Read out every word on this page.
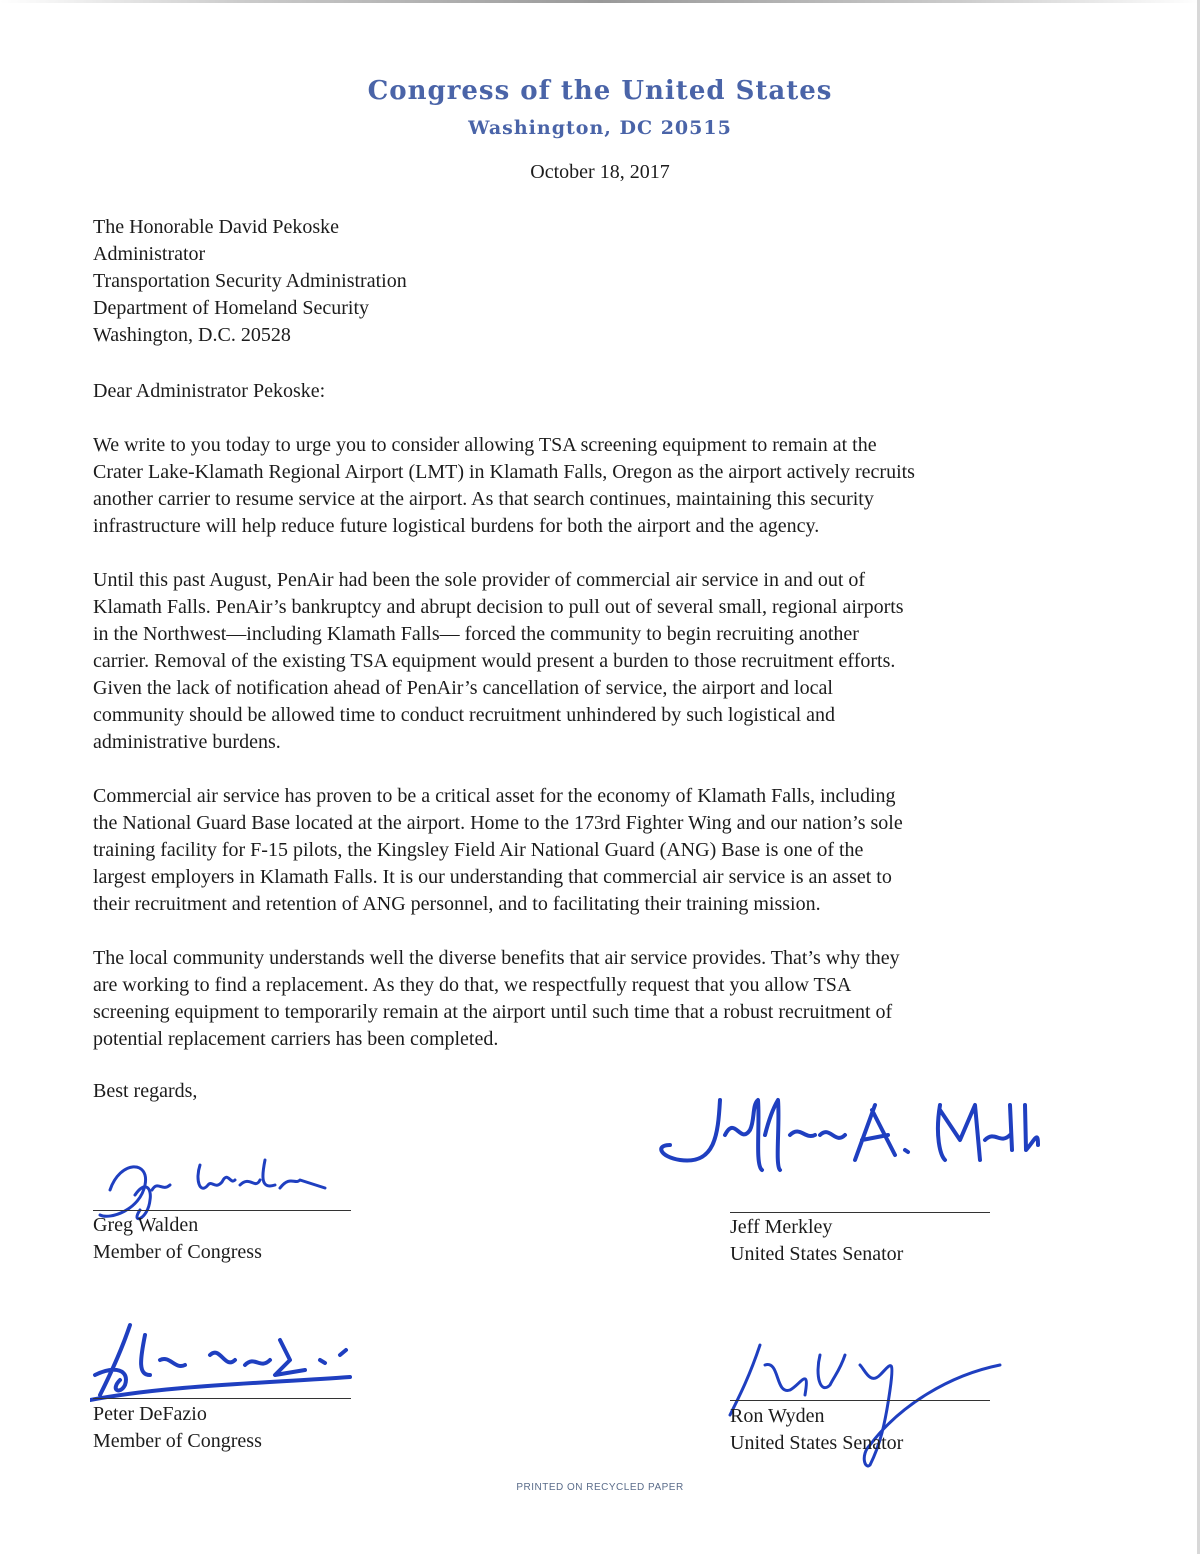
Congress of the United States
Washington, DC 20515
October 18, 2017
The Honorable David Pekoske
Administrator
Transportation Security Administration
Department of Homeland Security
Washington, D.C. 20528
Dear Administrator Pekoske:
We write to you today to urge you to consider allowing TSA screening equipment to remain at the
Crater Lake-Klamath Regional Airport (LMT) in Klamath Falls, Oregon as the airport actively recruits
another carrier to resume service at the airport. As that search continues, maintaining this security
infrastructure will help reduce future logistical burdens for both the airport and the agency.
Until this past August, PenAir had been the sole provider of commercial air service in and out of
Klamath Falls. PenAir’s bankruptcy and abrupt decision to pull out of several small, regional airports
in the Northwest—including Klamath Falls— forced the community to begin recruiting another
carrier. Removal of the existing TSA equipment would present a burden to those recruitment efforts.
Given the lack of notification ahead of PenAir’s cancellation of service, the airport and local
community should be allowed time to conduct recruitment unhindered by such logistical and
administrative burdens.
Commercial air service has proven to be a critical asset for the economy of Klamath Falls, including
the National Guard Base located at the airport. Home to the 173rd Fighter Wing and our nation’s sole
training facility for F-15 pilots, the Kingsley Field Air National Guard (ANG) Base is one of the
largest employers in Klamath Falls. It is our understanding that commercial air service is an asset to
their recruitment and retention of ANG personnel, and to facilitating their training mission.
The local community understands well the diverse benefits that air service provides. That’s why they
are working to find a replacement. As they do that, we respectfully request that you allow TSA
screening equipment to temporarily remain at the airport until such time that a robust recruitment of
potential replacement carriers has been completed.
Best regards,
Greg Walden
Member of Congress
Jeff Merkley
United States Senator
Peter DeFazio
Member of Congress
Ron Wyden
United States Senator
PRINTED ON RECYCLED PAPER
